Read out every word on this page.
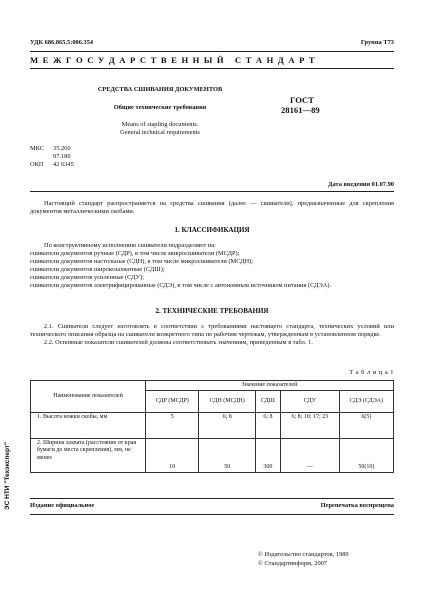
УДК 686.865.5:006.354	Группа Т73
М Е Ж Г О С У Д А Р С Т В Е Н Н Ы Й   С Т А Н Д А Р Т
СРЕДСТВА СШИВАНИЯ ДОКУМЕНТОВ
Общие технические требования
Means of stapling documents.
General technical requirements
ГОСТ
28161—89
МКС 35.260
97.180
ОКП 42 6345
Дата введения 01.07.90

Настоящий стандарт распространяется на средства сшивания (далее — сшиватели), предназначенные для скрепления документов металлическими скобами.

1. КЛАССИФИКАЦИЯ

По конструктивному исполнению сшиватели подразделяют на:

сшиватели документов ручные (СДР), в том числе микросшиватели (МСДР);

сшиватели документов настольные (СДН), в том числе микросшиватели (МСДН);

сшиватели документов широкозахватные (СДШ);

сшиватели документов усиленные (СДУ);

сшиватели документов электрифицированные (СДЭ), в том числе с автономным источником питания (СДЭА).

2. ТЕХНИЧЕСКИЕ ТРЕБОВАНИЯ

2.1. Сшиватели следует изготовлять в соответствии с требованиями настоящего стандарта, технических условий или технического описания образца на сшиватели конкретного типа по рабочим чертежам, утвержденным в установленном порядке.

2.2. Основные показатели сшивателей должны соответствовать значениям, приведенным в табл. 1.

Т а б л и ц а 1
Наименование показателей	Значение показателей				
	СДР (МСДР)	СДН (МСДН)	СДШ	СДУ	СДЭ (СДЭА)
1. Высота ножки скобы, мм	5	6; 8	6; 8	6; 8; 10; 17; 23	6(5)
2. Ширина захвата (расстояние от края бумаги до места скрепления), мм, не менее	10	50	300	—	50(10)
Издание официальное	Перепечатка воспрещена
© Издательство стандартов, 1989
© Стандартинформ, 2007
ЭС НТИ "Техэксперт"
